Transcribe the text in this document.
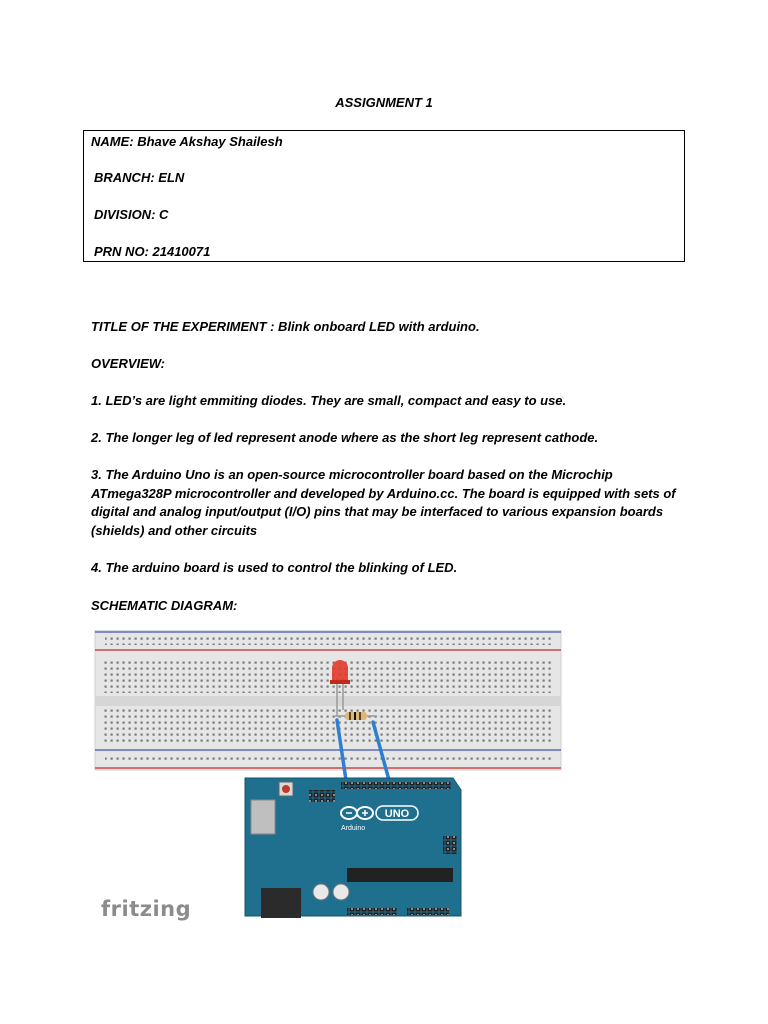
ASSIGNMENT 1
NAME: Bhave Akshay Shailesh
BRANCH: ELN
DIVISION: C
PRN NO: 21410071
TITLE OF THE EXPERIMENT : Blink onboard LED with arduino.
OVERVIEW:
1. LED’s are light emmiting diodes. They are small, compact and easy to use.
2. The longer leg of led represent anode where as the short leg represent cathode.
3. The Arduino Uno is an open-source microcontroller board based on the Microchip ATmega328P microcontroller and developed by Arduino.cc. The board is equipped with sets of digital and analog input/output (I/O) pins that may be interfaced to various expansion boards (shields) and other circuits
4. The arduino board is used to control the blinking of LED.
SCHEMATIC DIAGRAM:
UNO
Arduino
fritzing
